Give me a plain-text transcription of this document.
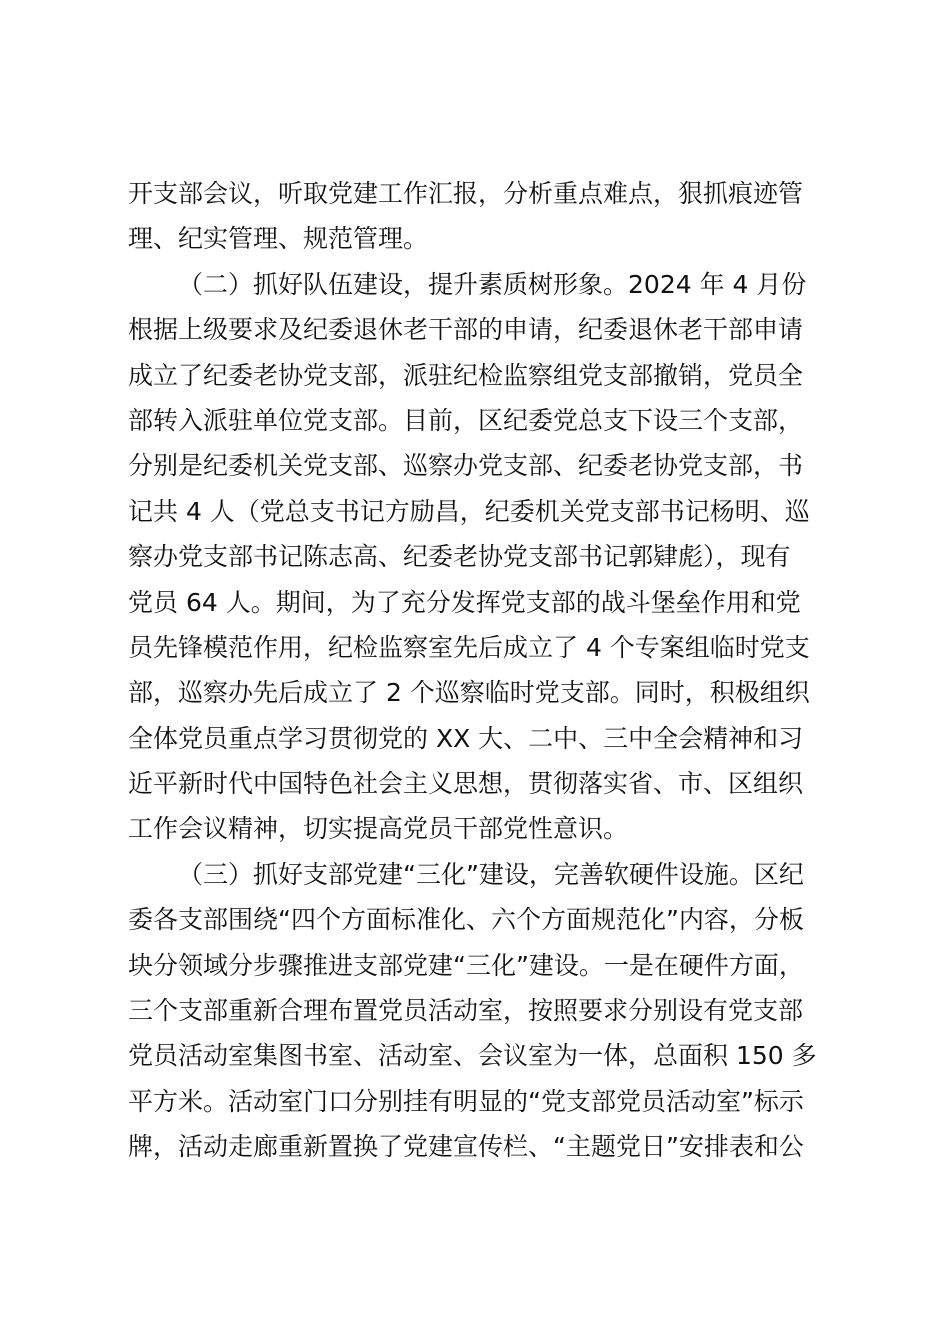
开支部会议，听取党建工作汇报，分析重点难点，狠抓痕迹管
理、纪实管理、规范管理。
（二）抓好队伍建设，提升素质树形象。2024 年 4 月份
根据上级要求及纪委退休老干部的申请，纪委退休老干部申请
成立了纪委老协党支部，派驻纪检监察组党支部撤销，党员全
部转入派驻单位党支部。目前，区纪委党总支下设三个支部，
分别是纪委机关党支部、巡察办党支部、纪委老协党支部，书
记共 4 人（党总支书记方励昌，纪委机关党支部书记杨明、巡
察办党支部书记陈志高、纪委老协党支部书记郭肄彪），现有
党员 64 人。期间，为了充分发挥党支部的战斗堡垒作用和党
员先锋模范作用，纪检监察室先后成立了 4 个专案组临时党支
部，巡察办先后成立了 2 个巡察临时党支部。同时，积极组织
全体党员重点学习贯彻党的 XX 大、二中、三中全会精神和习
近平新时代中国特色社会主义思想，贯彻落实省、市、区组织
工作会议精神，切实提高党员干部党性意识。
（三）抓好支部党建“三化”建设，完善软硬件设施。区纪
委各支部围绕“四个方面标准化、六个方面规范化”内容，分板
块分领域分步骤推进支部党建“三化”建设。一是在硬件方面，
三个支部重新合理布置党员活动室，按照要求分别设有党支部
党员活动室集图书室、活动室、会议室为一体，总面积 150 多
平方米。活动室门口分别挂有明显的“党支部党员活动室”标示
牌，活动走廊重新置换了党建宣传栏、“主题党日”安排表和公
